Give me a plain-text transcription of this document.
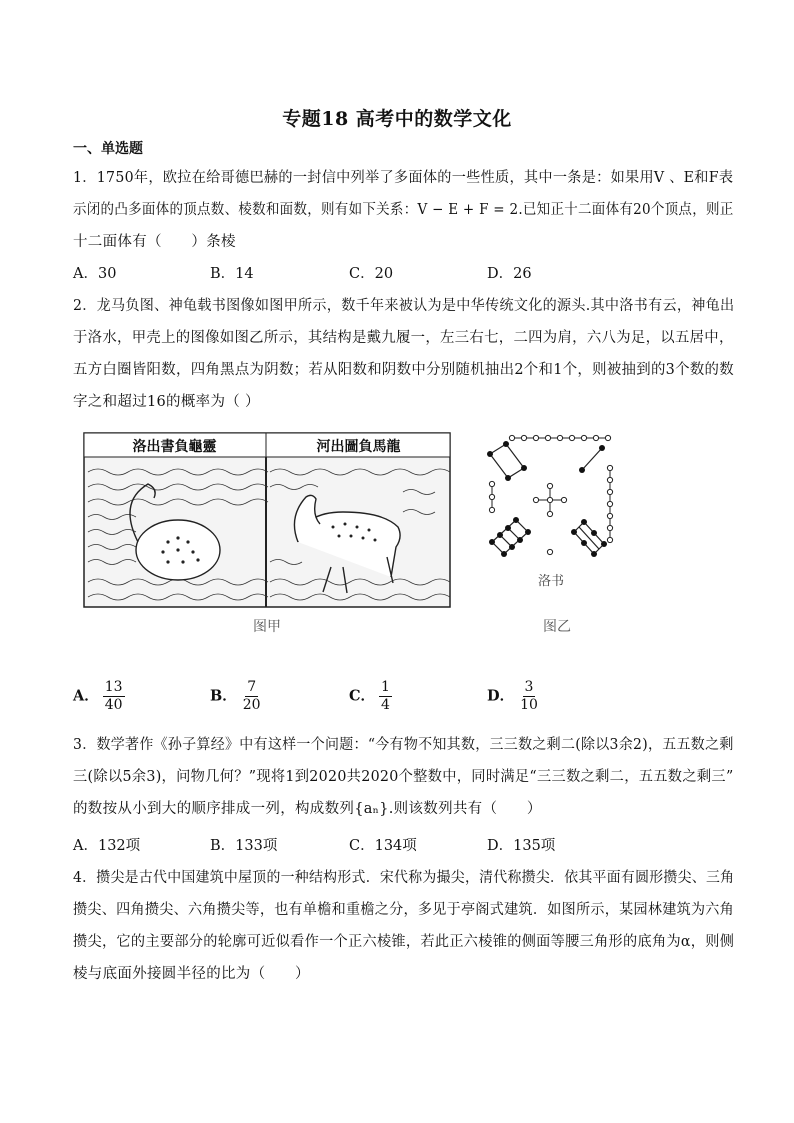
专题18 高考中的数学文化
一、单选题
1．1750年，欧拉在给哥德巴赫的一封信中列举了多面体的一些性质，其中一条是：如果用V 、E和F表
示闭的凸多面体的顶点数、棱数和面数，则有如下关系：V − E + F = 2.已知正十二面体有20个顶点，则正
十二面体有（　　）条棱
A．30	B．14	C．20	D．26
2．龙马负图、神龟载书图像如图甲所示，数千年来被认为是中华传统文化的源头.其中洛书有云，神龟出
于洛水，甲壳上的图像如图乙所示，其结构是戴九履一，左三右七，二四为肩，六八为足，以五居中，
五方白圈皆阳数，四角黑点为阴数；若从阳数和阴数中分别随机抽出2个和1个，则被抽到的3个数的数
字之和超过16的概率为（ ）
洛出書負龜靈	河出圖負馬龍
图甲
洛书
图乙
A． $\frac{13}{40}$	B． $\frac{7}{20}$	C． $\frac{1}{4}$	D． $\frac{3}{10}$
3．数学著作《孙子算经》中有这样一个问题：“今有物不知其数，三三数之剩二(除以3余2)，五五数之剩
三(除以5余3)，问物几何？”现将1到2020共2020个整数中，同时满足“三三数之剩二，五五数之剩三”
的数按从小到大的顺序排成一列，构成数列{aₙ}.则该数列共有（　　）
A．132项	B．133项	C．134项	D．135项
4．攒尖是古代中国建筑中屋顶的一种结构形式．宋代称为撮尖，清代称攒尖．依其平面有圆形攒尖、三角
攒尖、四角攒尖、六角攒尖等，也有单檐和重檐之分，多见于亭阁式建筑．如图所示，某园林建筑为六角
攒尖，它的主要部分的轮廓可近似看作一个正六棱锥，若此正六棱锥的侧面等腰三角形的底角为α，则侧
棱与底面外接圆半径的比为（　　）
